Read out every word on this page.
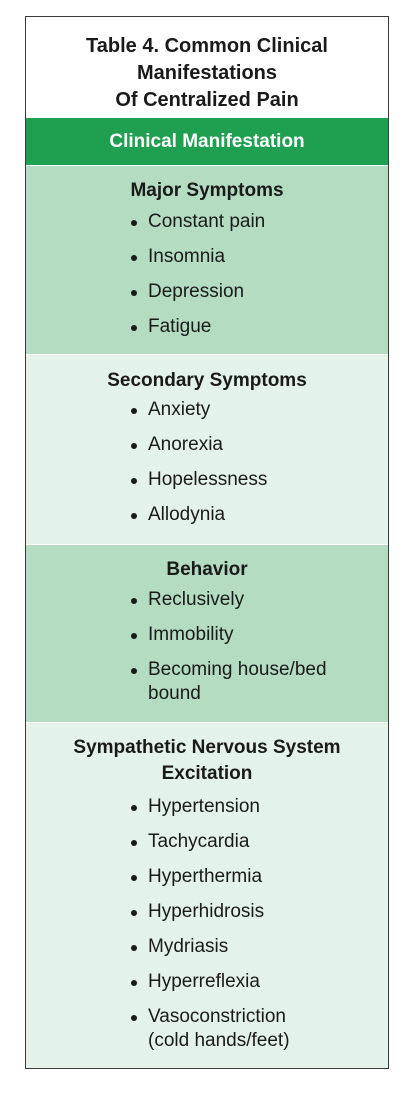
Table 4. Common Clinical
Manifestations
Of Centralized Pain
Clinical Manifestation
Major Symptoms
Constant pain
Insomnia
Depression
Fatigue
Secondary Symptoms
Anxiety
Anorexia
Hopelessness
Allodynia
Behavior
Reclusively
Immobility
Becoming house/bed
bound
Sympathetic Nervous System
Excitation
Hypertension
Tachycardia
Hyperthermia
Hyperhidrosis
Mydriasis
Hyperreflexia
Vasoconstriction
(cold hands/feet)
